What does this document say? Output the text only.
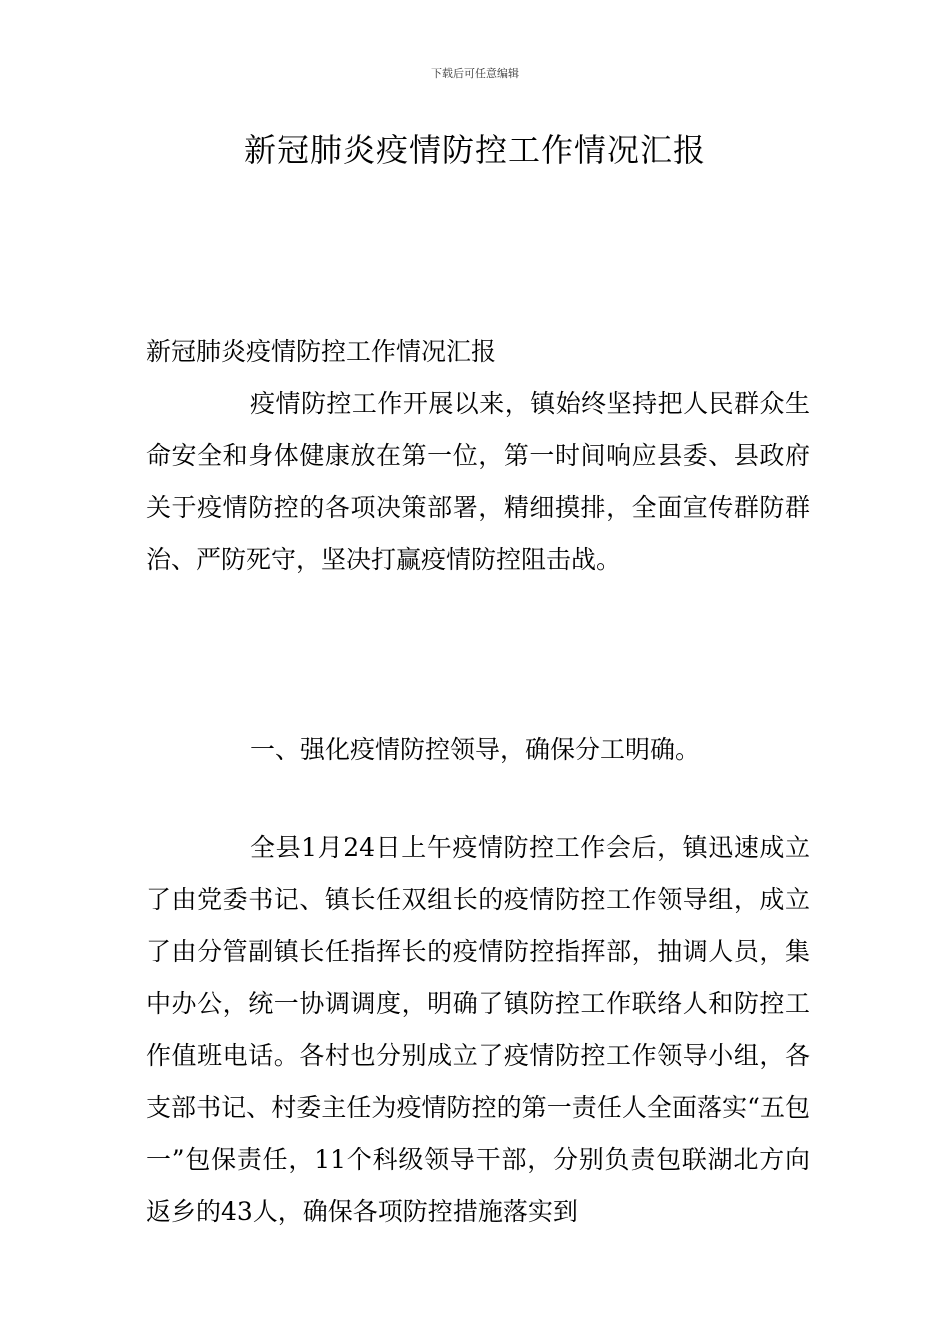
下载后可任意编辑
新冠肺炎疫情防控工作情况汇报

新冠肺炎疫情防控工作情况汇报

疫情防控工作开展以来，镇始终坚持把人民群众生命安全和身体健康放在第一位，第一时间响应县委、县政府关于疫情防控的各项决策部署，精细摸排，全面宣传群防群治、严防死守，坚决打赢疫情防控阻击战。

一、强化疫情防控领导，确保分工明确。

全县1月24日上午疫情防控工作会后，镇迅速成立了由党委书记、镇长任双组长的疫情防控工作领导组，成立了由分管副镇长任指挥长的疫情防控指挥部，抽调人员，集中办公，统一协调调度，明确了镇防控工作联络人和防控工作值班电话。各村也分别成立了疫情防控工作领导小组，各支部书记、村委主任为疫情防控的第一责任人全面落实“五包一”包保责任，11个科级领导干部，分别负责包联湖北方向返乡的43人，确保各项防控措施落实到
